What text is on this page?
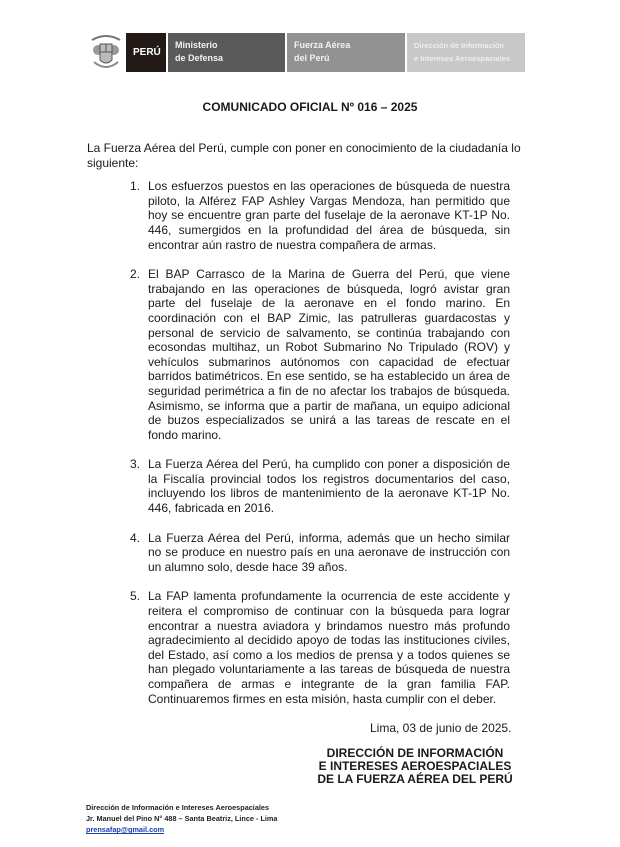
PERÚ
Ministerio
de Defensa
Fuerza Aérea
del Perú
Dirección de Información
e Intereses Aeroespaciales
COMUNICADO OFICIAL Nº 016 – 2025
La Fuerza Aérea del Perú, cumple con poner en conocimiento de la ciudadanía lo siguiente:
1. Los esfuerzos puestos en las operaciones de búsqueda de nuestra piloto, la Alférez FAP Ashley Vargas Mendoza, han permitido que hoy se encuentre gran parte del fuselaje de la aeronave KT-1P No. 446, sumergidos en la profundidad del área de búsqueda, sin encontrar aún rastro de nuestra compañera de armas.
2. El BAP Carrasco de la Marina de Guerra del Perú, que viene trabajando en las operaciones de búsqueda, logró avistar gran parte del fuselaje de la aeronave en el fondo marino. En coordinación con el BAP Zimic, las patrulleras guardacostas y personal de servicio de salvamento, se continúa trabajando con ecosondas multihaz, un Robot Submarino No Tripulado (ROV) y vehículos submarinos autónomos con capacidad de efectuar barridos batimétricos. En ese sentido, se ha establecido un área de seguridad perimétrica a fin de no afectar los trabajos de búsqueda. Asimismo, se informa que a partir de mañana, un equipo adicional de buzos especializados se unirá a las tareas de rescate en el fondo marino.
3. La Fuerza Aérea del Perú, ha cumplido con poner a disposición de la Fiscalía provincial todos los registros documentarios del caso, incluyendo los libros de mantenimiento de la aeronave KT-1P No. 446, fabricada en 2016.
4. La Fuerza Aérea del Perú, informa, además que un hecho similar no se produce en nuestro país en una aeronave de instrucción con un alumno solo, desde hace 39 años.
5. La FAP lamenta profundamente la ocurrencia de este accidente y reitera el compromiso de continuar con la búsqueda para lograr encontrar a nuestra aviadora y brindamos nuestro más profundo agradecimiento al decidido apoyo de todas las instituciones civiles, del Estado, así como a los medios de prensa y a todos quienes se han plegado voluntariamente a las tareas de búsqueda de nuestra compañera de armas e integrante de la gran familia FAP. Continuaremos firmes en esta misión, hasta cumplir con el deber.
Lima, 03 de junio de 2025.
DIRECCIÓN DE INFORMACIÓN
E INTERESES AEROESPACIALES
DE LA FUERZA AÉREA DEL PERÚ
Dirección de Información e Intereses Aeroespaciales
Jr. Manuel del Pino N° 488 – Santa Beatriz, Lince - Lima
prensafap@gmail.com
